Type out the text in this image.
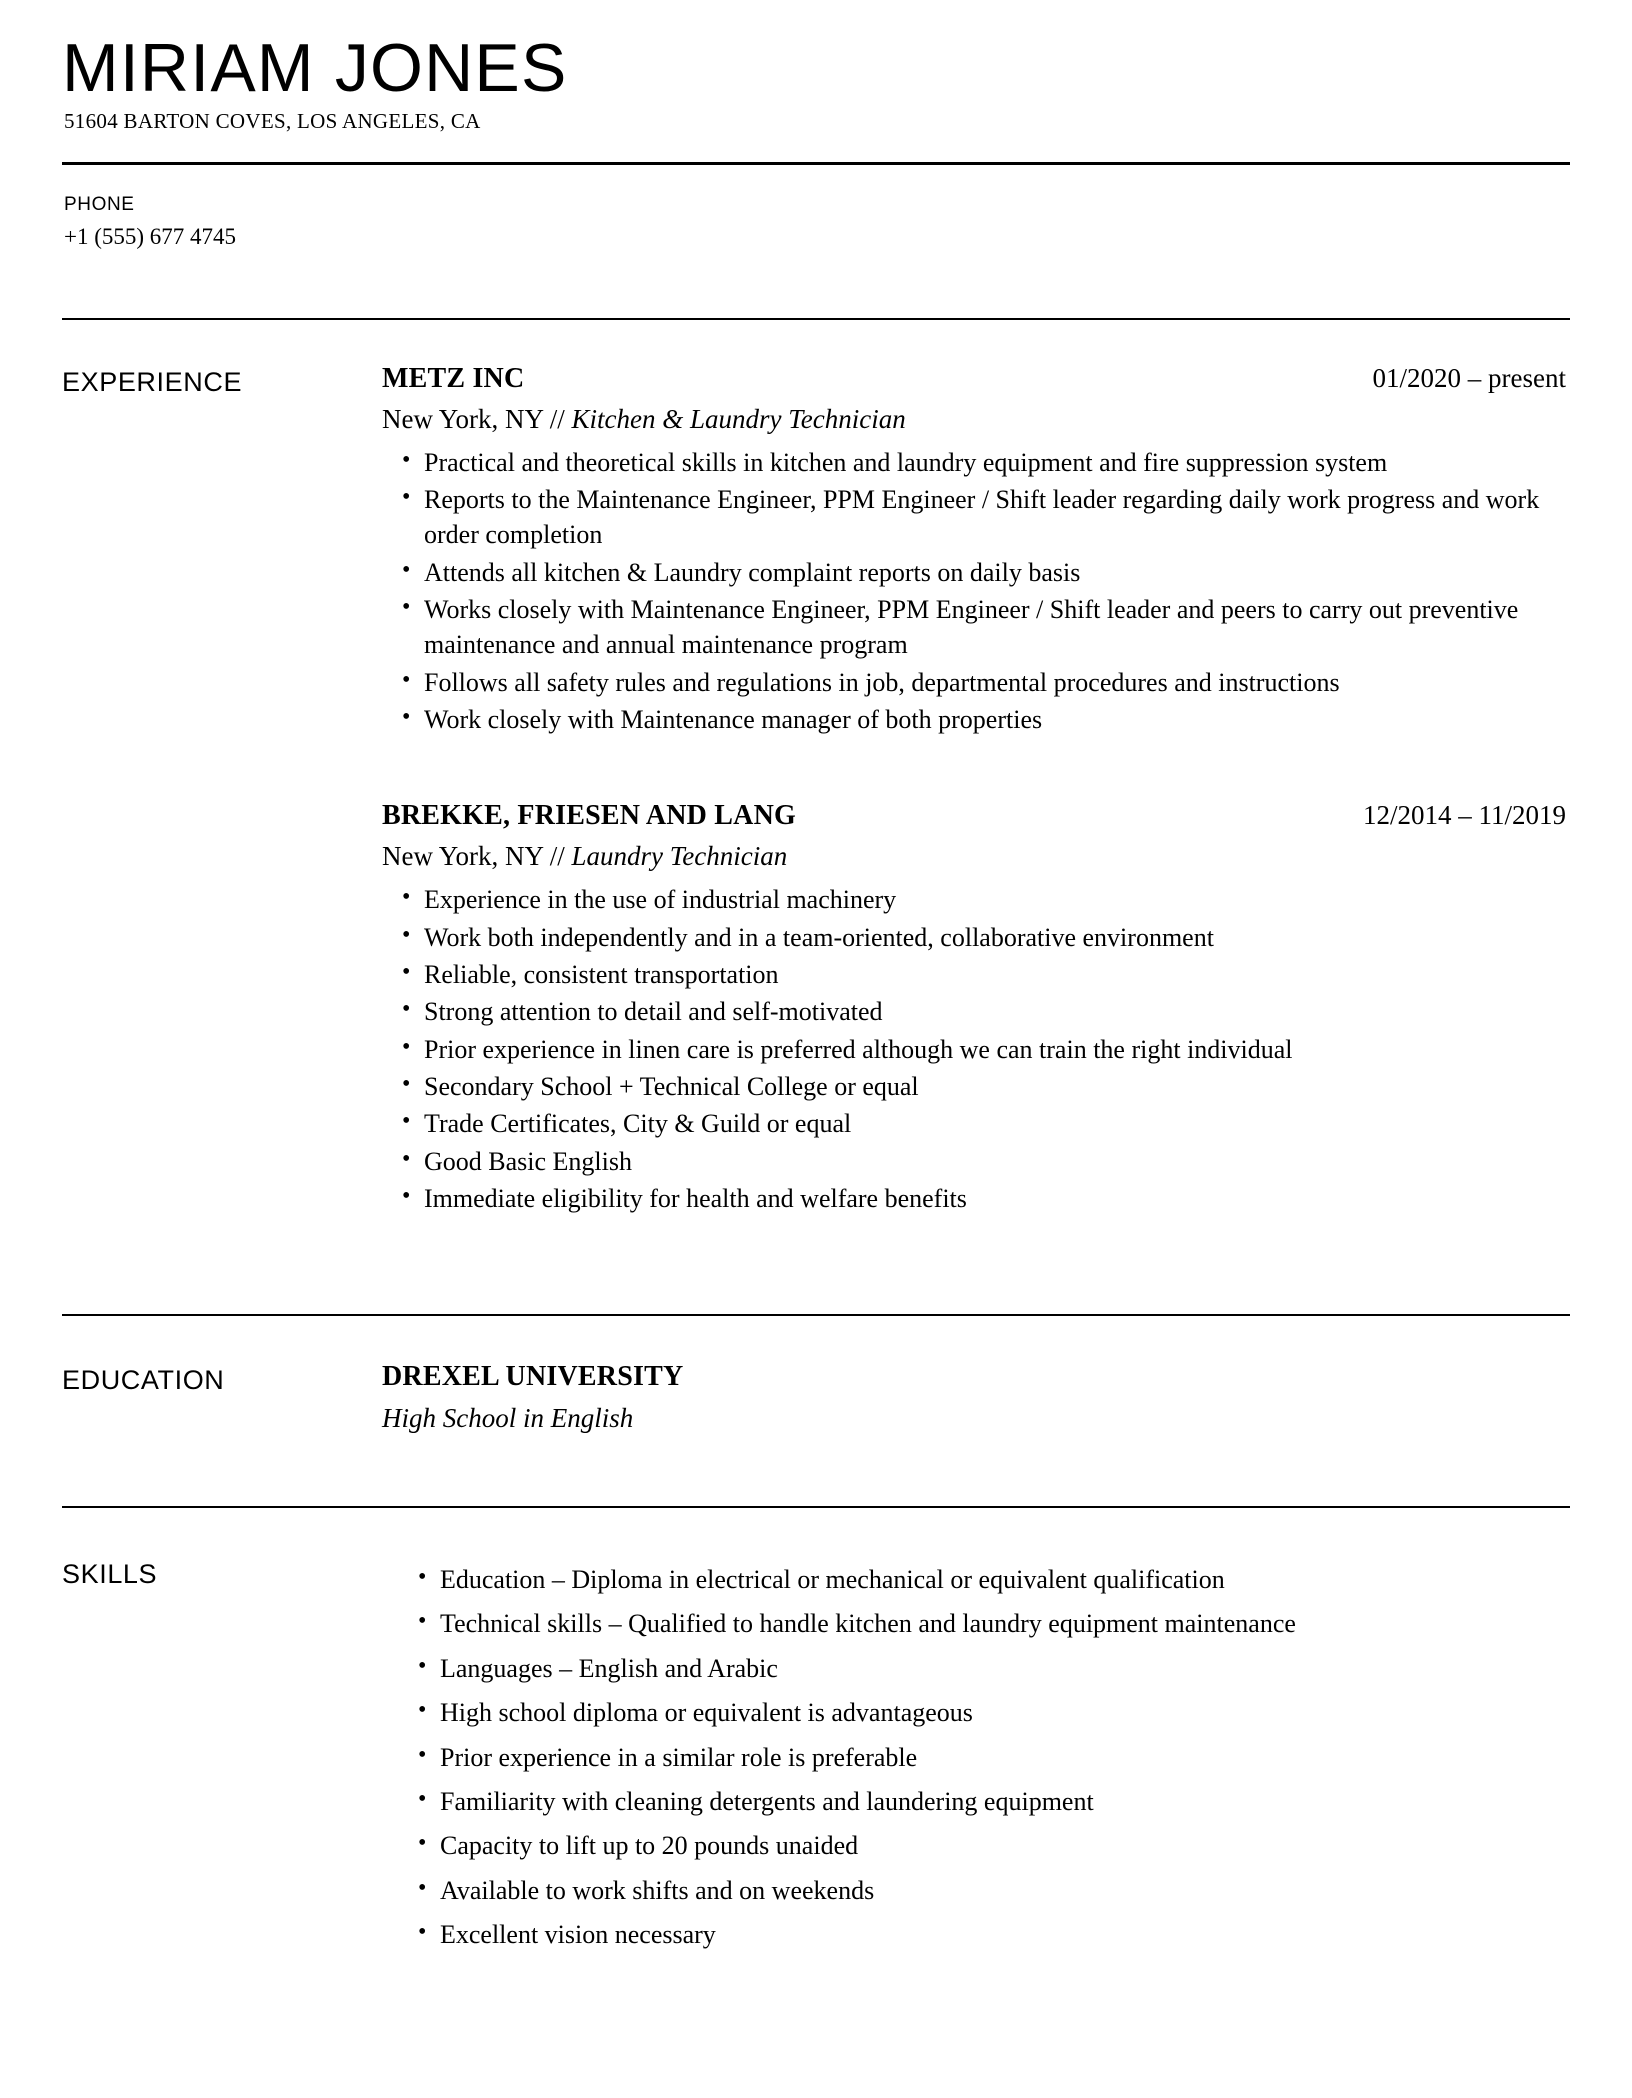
MIRIAM JONES
51604 BARTON COVES, LOS ANGELES, CA
PHONE
+1 (555) 677 4745
EXPERIENCE	METZ INC	01/2020 – present
New York, NY // Kitchen & Laundry Technician
• Practical and theoretical skills in kitchen and laundry equipment and fire suppression system
• Reports to the Maintenance Engineer, PPM Engineer / Shift leader regarding daily work progress and work order completion
• Attends all kitchen & Laundry complaint reports on daily basis
• Works closely with Maintenance Engineer, PPM Engineer / Shift leader and peers to carry out preventive maintenance and annual maintenance program
• Follows all safety rules and regulations in job, departmental procedures and instructions
• Work closely with Maintenance manager of both properties
BREKKE, FRIESEN AND LANG	12/2014 – 11/2019
New York, NY // Laundry Technician
• Experience in the use of industrial machinery
• Work both independently and in a team-oriented, collaborative environment
• Reliable, consistent transportation
• Strong attention to detail and self-motivated
• Prior experience in linen care is preferred although we can train the right individual
• Secondary School + Technical College or equal
• Trade Certificates, City & Guild or equal
• Good Basic English
• Immediate eligibility for health and welfare benefits
EDUCATION	DREXEL UNIVERSITY
High School in English
SKILLS	• Education – Diploma in electrical or mechanical or equivalent qualification
• Technical skills – Qualified to handle kitchen and laundry equipment maintenance
• Languages – English and Arabic
• High school diploma or equivalent is advantageous
• Prior experience in a similar role is preferable
• Familiarity with cleaning detergents and laundering equipment
• Capacity to lift up to 20 pounds unaided
• Available to work shifts and on weekends
• Excellent vision necessary
